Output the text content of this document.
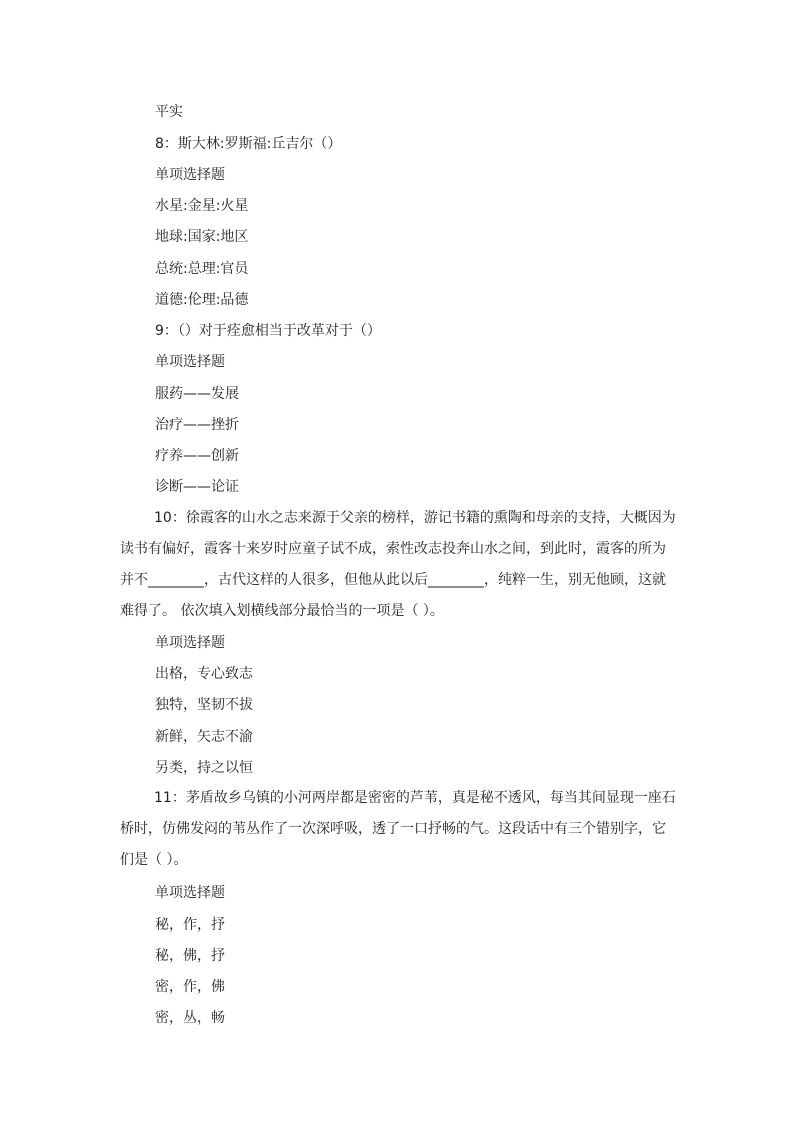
平实
8：斯大林:罗斯福:丘吉尔（）
单项选择题
水星:金星:火星
地球:国家:地区
总统:总理:官员
道德:伦理:品德
9：（）对于痊愈相当于改革对于（）
单项选择题
服药——发展
治疗——挫折
疗养——创新
诊断——论证
10：徐霞客的山水之志来源于父亲的榜样，游记书籍的熏陶和母亲的支持，大概因为
读书有偏好，霞客十来岁时应童子试不成，索性改志投奔山水之间，到此时，霞客的所为
并不________，古代这样的人很多，但他从此以后________，纯粹一生，别无他顾，这就
难得了。 依次填入划横线部分最恰当的一项是（ ）。
单项选择题
出格，专心致志
独特，坚韧不拔
新鲜，矢志不渝
另类，持之以恒
11：茅盾故乡乌镇的小河两岸都是密密的芦苇，真是秘不透风，每当其间显现一座石
桥时，仿佛发闷的苇丛作了一次深呼吸，透了一口抒畅的气。这段话中有三个错别字，它
们是（ ）。
单项选择题
秘，作，抒
秘，佛，抒
密，作，佛
密，丛，畅
